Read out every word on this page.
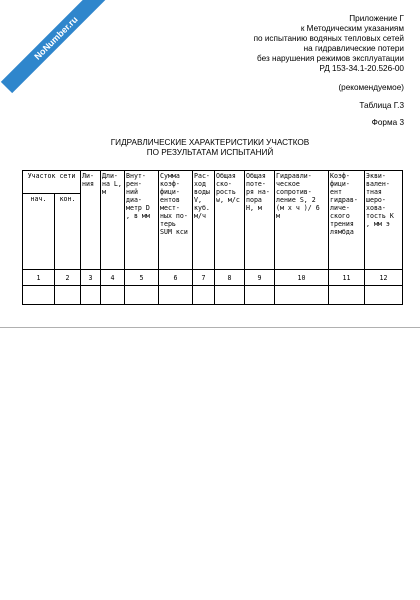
NoNumber.ru	Приложение Г
к Методическим указаниям
по испытанию водяных тепловых сетей
на гидравлические потери
без нарушения режимов эксплуатации
РД 153-34.1-20.526-00
(рекомендуемое)
Таблица Г.3
Форма 3
ГИДРАВЛИЧЕСКИЕ ХАРАКТЕРИСТИКИ УЧАСТКОВ
ПО РЕЗУЛЬТАТАМ ИСПЫТАНИЙ
Участок сети		Ли- ния	Дли- на L, м	Внут- рен- ний диа- метр D , в мм	Сумма коэф- фици- ентов мест- ных по- терь SUM кси	Рас- ход воды V, куб. м/ч	Общая ско- рость w, м/с	Общая поте- ря на- пора Н, м	Гидравли- ческое сопротив- ление S, 2 (м х ч )/ 6 м	Коэф- фици- ент гидрав- личе- ского трения лямбда	Экви- вален- тная шеро- хова- тость К , мм э
нач.	кон.										
1	2	3	4	5	6	7	8	9	10	11	12
